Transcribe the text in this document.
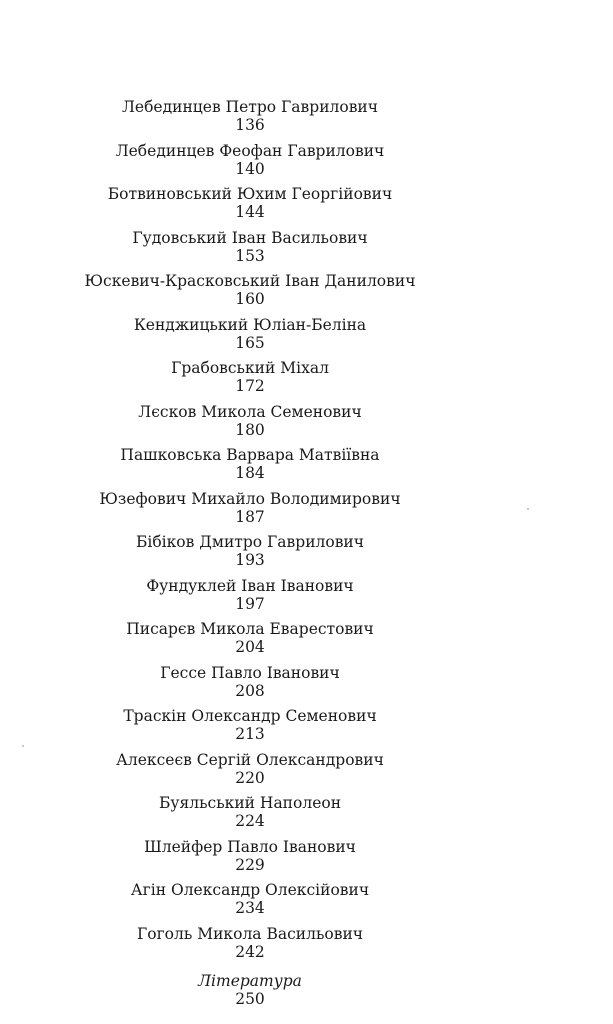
Лебединцев Петро Гаврилович
136
Лебединцев Феофан Гаврилович
140
Ботвиновський Юхим Георгійович
144
Гудовський Іван Васильович
153
Юскевич-Красковський Іван Данилович
160
Кенджицький Юліан-Беліна
165
Грабовський Міхал
172
Лєсков Микола Семенович
180
Пашковська Варвара Матвіївна
184
Юзефович Михайло Володимирович
187
Бібіков Дмитро Гаврилович
193
Фундуклей Іван Іванович
197
Писарєв Микола Еварестович
204
Гессе Павло Іванович
208
Траскін Олександр Семенович
213
Алексеєв Сергій Олександрович
220
Буяльський Наполеон
224
Шлейфер Павло Іванович
229
Агін Олександр Олексійович
234
Гоголь Микола Васильович
242
Література
250
